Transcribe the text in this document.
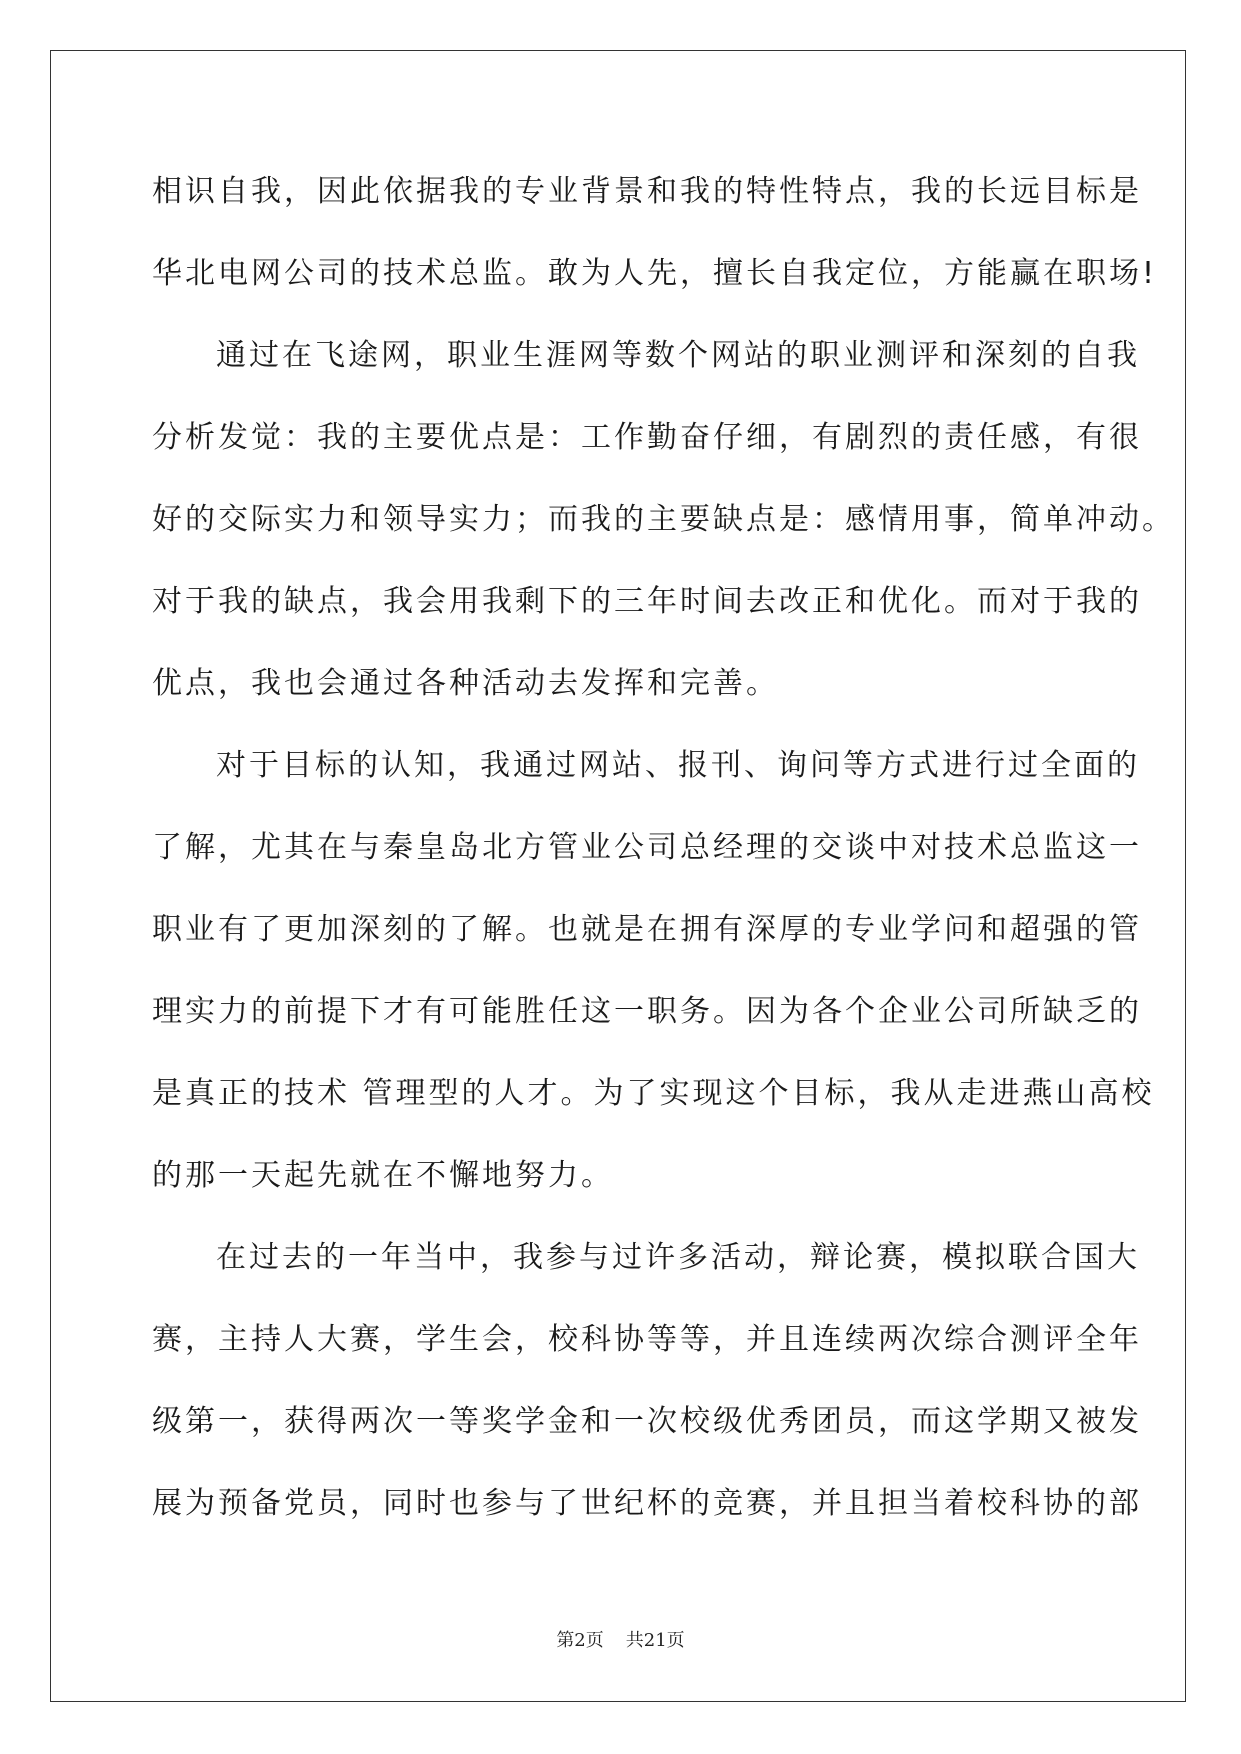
相识自我，因此依据我的专业背景和我的特性特点，我的长远目标是
华北电网公司的技术总监。敢为人先，擅长自我定位，方能赢在职场!
通过在飞途网，职业生涯网等数个网站的职业测评和深刻的自我
分析发觉：我的主要优点是：工作勤奋仔细，有剧烈的责任感，有很
好的交际实力和领导实力；而我的主要缺点是：感情用事，简单冲动。
对于我的缺点，我会用我剩下的三年时间去改正和优化。而对于我的
优点，我也会通过各种活动去发挥和完善。
对于目标的认知，我通过网站、报刊、询问等方式进行过全面的
了解，尤其在与秦皇岛北方管业公司总经理的交谈中对技术总监这一
职业有了更加深刻的了解。也就是在拥有深厚的专业学问和超强的管
理实力的前提下才有可能胜任这一职务。因为各个企业公司所缺乏的
是真正的技术 管理型的人才。为了实现这个目标，我从走进燕山高校
的那一天起先就在不懈地努力。
在过去的一年当中，我参与过许多活动，辩论赛，模拟联合国大
赛，主持人大赛，学生会，校科协等等，并且连续两次综合测评全年
级第一，获得两次一等奖学金和一次校级优秀团员，而这学期又被发
展为预备党员，同时也参与了世纪杯的竞赛，并且担当着校科协的部
第2页 共21页
